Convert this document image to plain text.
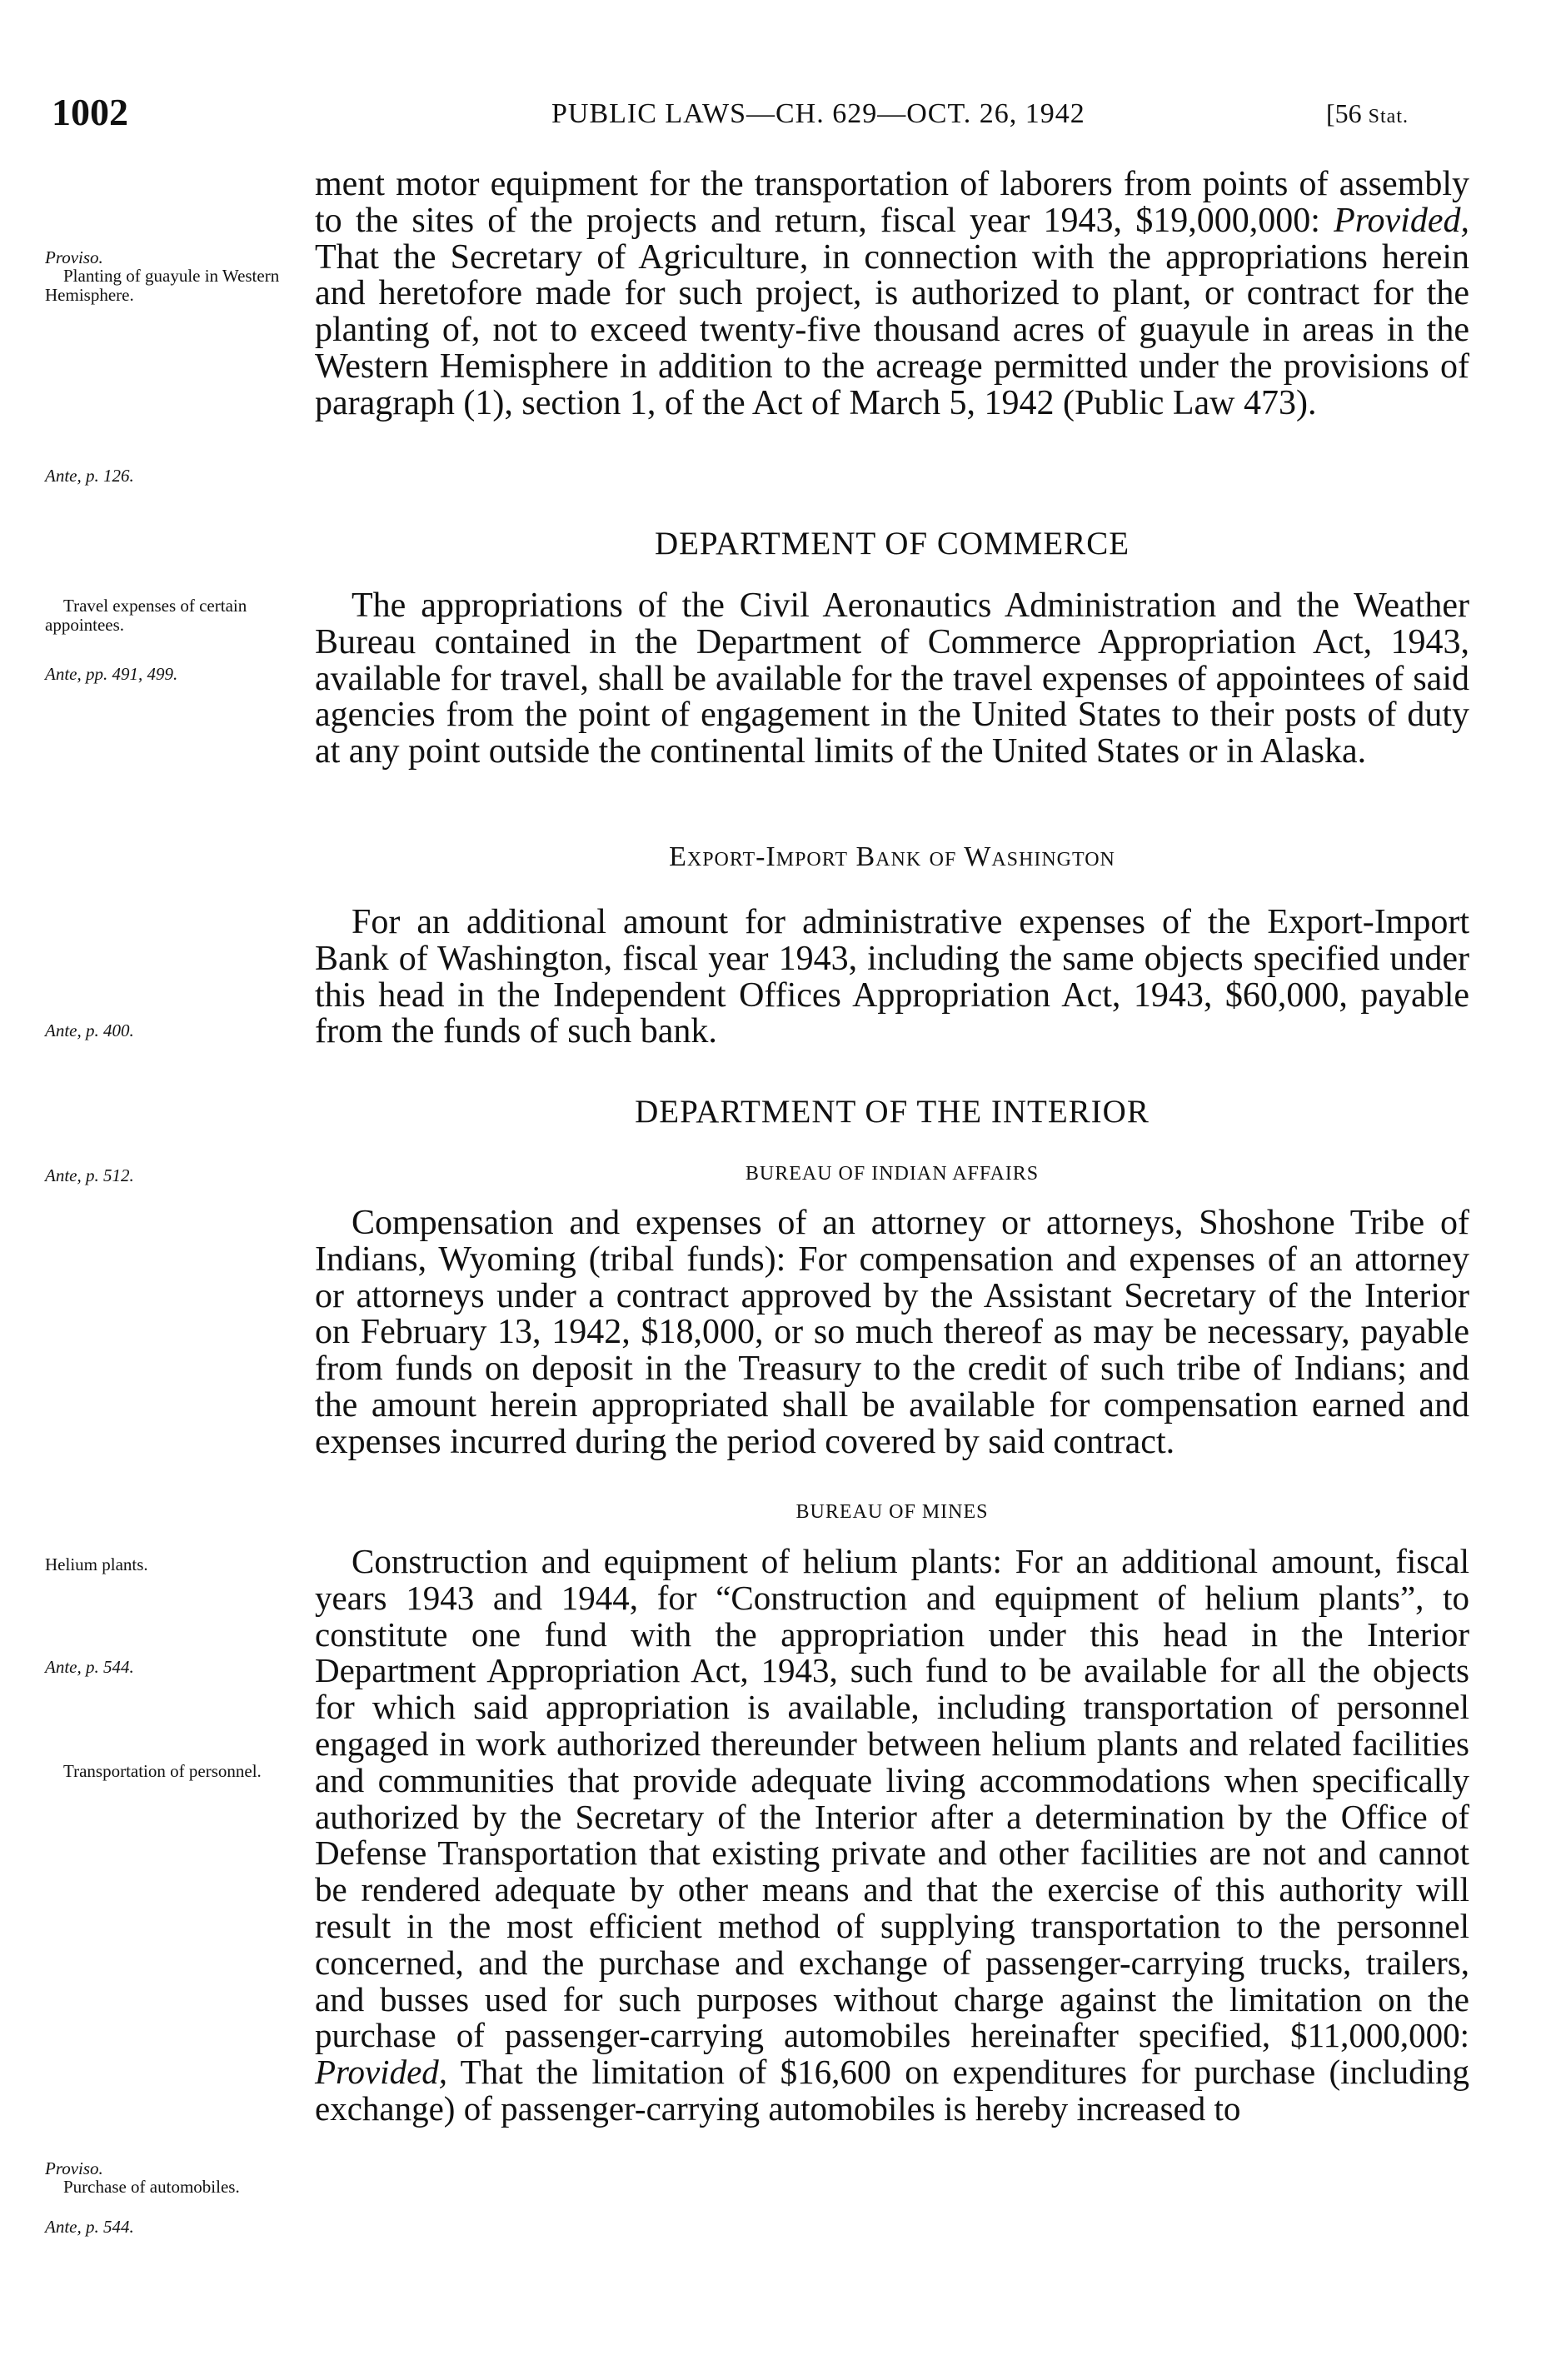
1002	PUBLIC LAWS—CH. 629—OCT. 26, 1942	[56 Stat.
ment motor equipment for the transportation of laborers from points of assembly to the sites of the projects and return, fiscal year 1943, $19,000,000: Provided, That the Secretary of Agriculture, in connection with the appropriations herein and heretofore made for such project, is authorized to plant, or contract for the planting of, not to exceed twenty-five thousand acres of guayule in areas in the Western Hemisphere in addition to the acreage permitted under the provisions of paragraph (1), section 1, of the Act of March 5, 1942 (Public Law 473).
DEPARTMENT OF COMMERCE
The appropriations of the Civil Aeronautics Administration and the Weather Bureau contained in the Department of Commerce Appropriation Act, 1943, available for travel, shall be available for the travel expenses of appointees of said agencies from the point of engagement in the United States to their posts of duty at any point outside the continental limits of the United States or in Alaska.
Export-Import Bank of Washington
For an additional amount for administrative expenses of the Export-Import Bank of Washington, fiscal year 1943, including the same objects specified under this head in the Independent Offices Appropriation Act, 1943, $60,000, payable from the funds of such bank.
DEPARTMENT OF THE INTERIOR
BUREAU OF INDIAN AFFAIRS
Compensation and expenses of an attorney or attorneys, Shoshone Tribe of Indians, Wyoming (tribal funds): For compensation and expenses of an attorney or attorneys under a contract approved by the Assistant Secretary of the Interior on February 13, 1942, $18,000, or so much thereof as may be necessary, payable from funds on deposit in the Treasury to the credit of such tribe of Indians; and the amount herein appropriated shall be available for compensation earned and expenses incurred during the period covered by said contract.
BUREAU OF MINES
Construction and equipment of helium plants: For an additional amount, fiscal years 1943 and 1944, for “Construction and equipment of helium plants”, to constitute one fund with the appropriation under this head in the Interior Department Appropriation Act, 1943, such fund to be available for all the objects for which said appropriation is available, including transportation of personnel engaged in work authorized thereunder between helium plants and related facilities and communities that provide adequate living accommodations when specifically authorized by the Secretary of the Interior after a determination by the Office of Defense Transportation that existing private and other facilities are not and cannot be rendered adequate by other means and that the exercise of this authority will result in the most efficient method of supplying transportation to the personnel concerned, and the purchase and exchange of passenger-carrying trucks, trailers, and busses used for such purposes without charge against the limitation on the purchase of passenger-carrying automobiles hereinafter specified, $11,000,000: Provided, That the limitation of $16,600 on expenditures for purchase (including exchange) of passenger-carrying automobiles is hereby increased to
Proviso.
Planting of guayule in Western Hemisphere.
Ante, p. 126.
Travel expenses of certain appointees.
Ante, pp. 491, 499.
Ante, p. 400.
Ante, p. 512.
Helium plants.
Ante, p. 544.
Transportation of personnel.
Proviso.
Purchase of automobiles.
Ante, p. 544.
